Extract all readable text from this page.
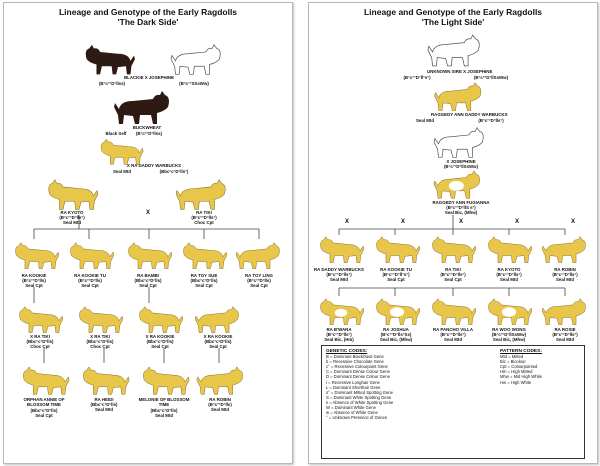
Lineage and Genotype of the Early Ragdolls
'The Dark Side'
BLACKIE X JOSEPHINE
(B°c°°D°llss)	(B°c°°SSsWw)
BUCKWHEAT
Black Self	(B°c°°D°llss)
X RA DADDY WARBUCKS
Seal Mtd	(Bbc°c°D°lls°)
RA KYOTO
(B°c°°D°lls°)
Seal Mtd
X	RA TIKI
(B°c°°D°lls°)
Choc Cpt
RA KOOKIE
(B°c°°D°lls)
Seal Cpt
RA KOOKIE TU
(B°c°°D°lls)
Seal Cpt
RA BAMBI
(Bbc°c°D°lls)
Seal Cpt
RA TOY SUE
(Bbc°c°D°lls)
Seal Cpt
RA TOY LING
(B°c°°D°lls)
Seal Cpt
X RA TIKI
(Bbc°c°D°lls)
Choc Cpt
X RA TIKI
(Bbc°c°D°lls)
Choc Cpt
X RA KOOKIE
(Bbc°c°D°lls)
Seal Cpt
X RA KOOKIE
(Bbc°c°D°lls)
Seal Cpt
ORPHAN ANNIE OF BLOSSOM TIME
(Bbc°c°D°lls)
Seal Cpt
RA HEIDI
(Bbc°c°D°lls)
Seal Mtd
MELONIE OF BLOSSOM TIME
(Bbc°c°D°lls)
Seal Mtd
RA ROBIN
(B°c°°D°lls)
Seal Mtd
Lineage and Genotype of the Early Ragdolls
'The Light Side'
UNKNOWN SIRE X JOSEPHINE
(B°c°°D°ll°s°)	(B°c°°D°llSsWw)
RAGGEDY ANN DADDY WARBUCKS
Seal Mtd	(B°c°°D°lls°)
X JOSEPHINE
(B°c°°D°llSsWw)
RAGGEDY ANN FUGIANNA
(B°c°°D°llS s°)
Seal Bic, (Mhw)
X	X	X	X	X
RA DADDY WARBUCKS
(B°c°°D°lls°)
Seal Mtd
RA KOOKIE TU
(B°c°°D°ll°s°)
Seal Cpt
RA TIKI
(B°c°°D°lls°)
Seal Cpt
RA KYOTO
(B°c°°D°lls°)
Seal Mtd
RA ROBIN
(B°c°°D°lls°)
Seal Mtd
RA B'WANA
(B°c°°D°lls°)
Seal Bic, (Hm)
RA JOSHUA
(B°c°°D°lls°Ss)
Seal Bic, (Mhw)
RA PANCHO VILLA
(B°c°°D°lls°)
Seal Mtd
RA WOO WONG
(B°c°°D°llSsWw)
Seal Bic, (Mhw)
RA ROSIE
(B°c°°D°lls°)
Seal Mtd
GENETIC CODES:
B = Dominant Black/Seal Gene
b = Recessive Chocolate Gene
c° = Recessive Colourpoint Gene
C = Dominant Dense Colour Gene
D = Dominant Dense Colour Gene
l = Recessive Longhair Gene
L = Dominant Shorthair Gene
s° = Dominant Mitted Spotting Gene
S = Dominant White Spotting Gene
s = Absence of White Spotting Gene
W = Dominant White Gene
w = Absence of White Gene
° = Unknown Presence of Genes
PATTERN CODES:
Mtd = Mitted
Bic = Bicolour
Cpt = Colourpointed
Hm = High Mitted
Mhw = Mid High White
Hw = High White
